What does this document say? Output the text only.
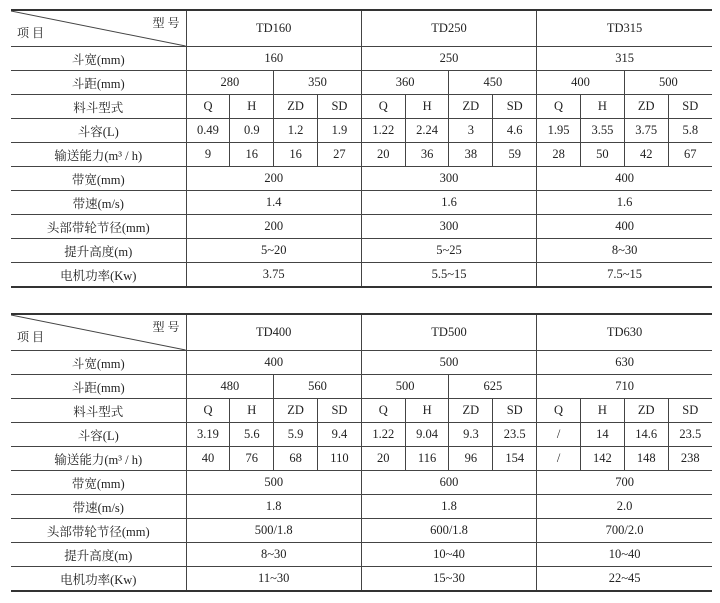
型 号
项 目	TD160				TD250				TD315			
斗宽(mm)	160				250				315			
斗距(mm)	280		350		360		450		400		500	
料斗型式	Q	H	ZD	SD	Q	H	ZD	SD	Q	H	ZD	SD
斗容(L)	0.49	0.9	1.2	1.9	1.22	2.24	3	4.6	1.95	3.55	3.75	5.8
输送能力(m³ / h)	9	16	16	27	20	36	38	59	28	50	42	67
带宽(mm)	200				300				400			
带速(m/s)	1.4				1.6				1.6			
头部带轮节径(mm)	200				300				400			
提升高度(m)	5~20				5~25				8~30			
电机功率(Kw)	3.75				5.5~15				7.5~15			
型 号
项 目	TD400				TD500				TD630			
斗宽(mm)	400				500				630			
斗距(mm)	480		560		500		625		710			
料斗型式	Q	H	ZD	SD	Q	H	ZD	SD	Q	H	ZD	SD
斗容(L)	3.19	5.6	5.9	9.4	1.22	9.04	9.3	23.5	/	14	14.6	23.5
输送能力(m³ / h)	40	76	68	110	20	116	96	154	/	142	148	238
带宽(mm)	500				600				700			
带速(m/s)	1.8				1.8				2.0			
头部带轮节径(mm)	500/1.8				600/1.8				700/2.0			
提升高度(m)	8~30				10~40				10~40			
电机功率(Kw)	11~30				15~30				22~45			
